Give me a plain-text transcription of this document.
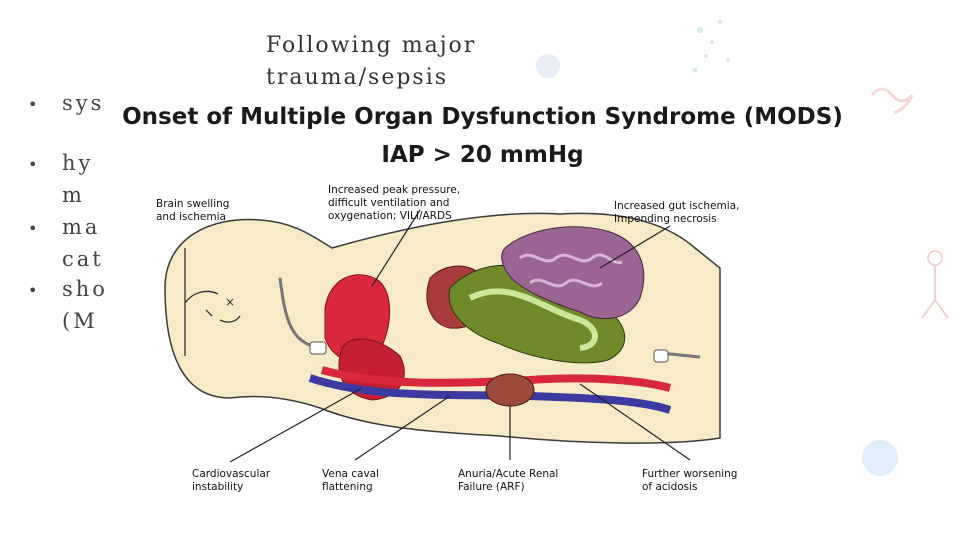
Following major trauma/sepsis
• sys
• hy
m
• ma
cat
• sho
(M
Onset of Multiple Organ Dysfunction Syndrome (MODS)
IAP > 20 mmHg
×
Brain swelling
and ischemia
Increased peak pressure,
difficult ventilation and
oxygenation; VILI/ARDS
Increased gut ischemia,
Impending necrosis
Cardiovascular
instability
Vena caval
flattening
Anuria/Acute Renal
Failure (ARF)
Further worsening
of acidosis
